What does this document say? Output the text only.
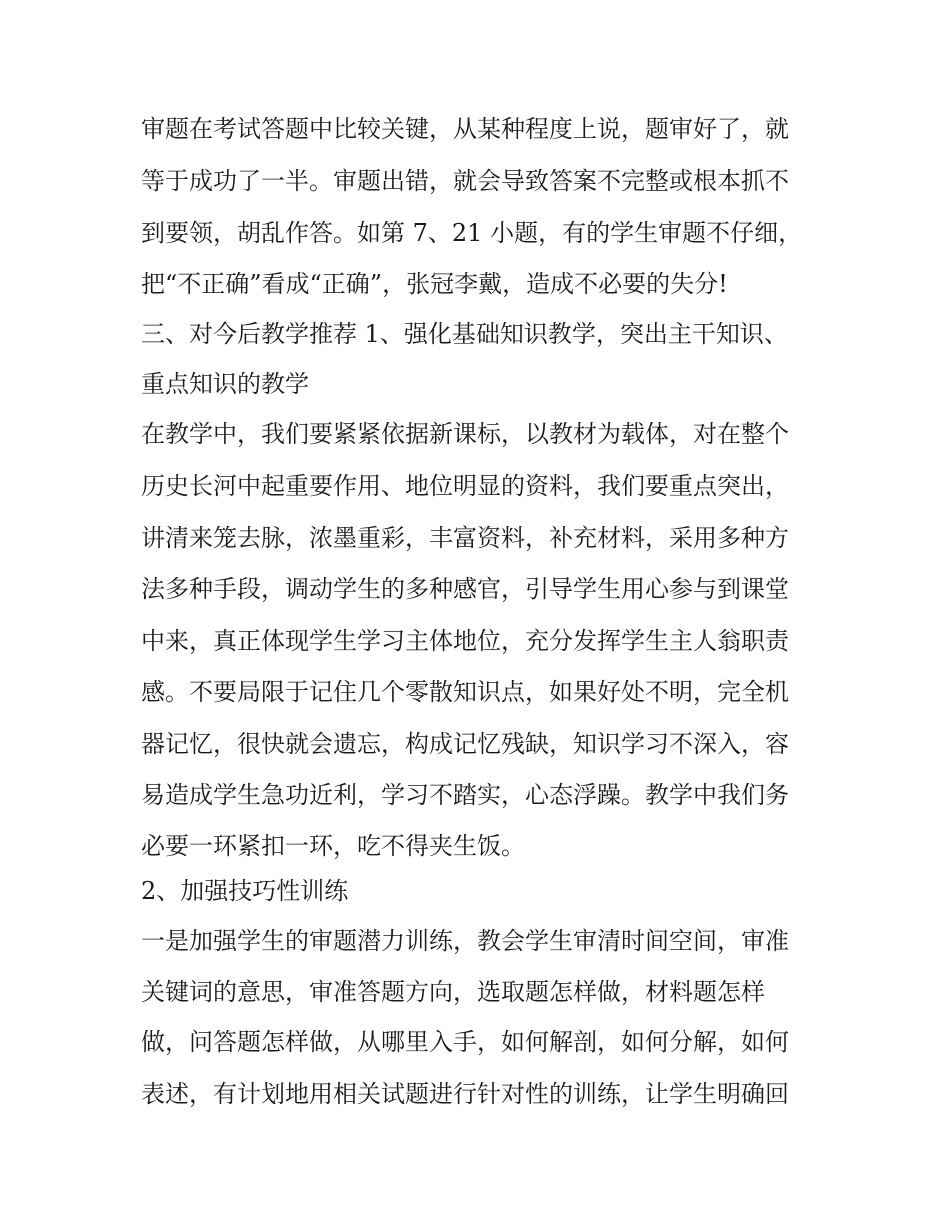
审题在考试答题中比较关键，从某种程度上说，题审好了，就
等于成功了一半。审题出错，就会导致答案不完整或根本抓不
到要领，胡乱作答。如第 7、21 小题，有的学生审题不仔细，
把“不正确”看成“正确”，张冠李戴，造成不必要的失分!
三、对今后教学推荐 1、强化基础知识教学，突出主干知识、
重点知识的教学
在教学中，我们要紧紧依据新课标，以教材为载体，对在整个
历史长河中起重要作用、地位明显的资料，我们要重点突出，
讲清来笼去脉，浓墨重彩，丰富资料，补充材料，采用多种方
法多种手段，调动学生的多种感官，引导学生用心参与到课堂
中来，真正体现学生学习主体地位，充分发挥学生主人翁职责
感。不要局限于记住几个零散知识点，如果好处不明，完全机
器记忆，很快就会遗忘，构成记忆残缺，知识学习不深入，容
易造成学生急功近利，学习不踏实，心态浮躁。教学中我们务
必要一环紧扣一环，吃不得夹生饭。
2、加强技巧性训练
一是加强学生的审题潜力训练，教会学生审清时间空间，审准
关键词的意思，审准答题方向，选取题怎样做，材料题怎样
做，问答题怎样做，从哪里入手，如何解剖，如何分解，如何
表述，有计划地用相关试题进行针对性的训练，让学生明确回
